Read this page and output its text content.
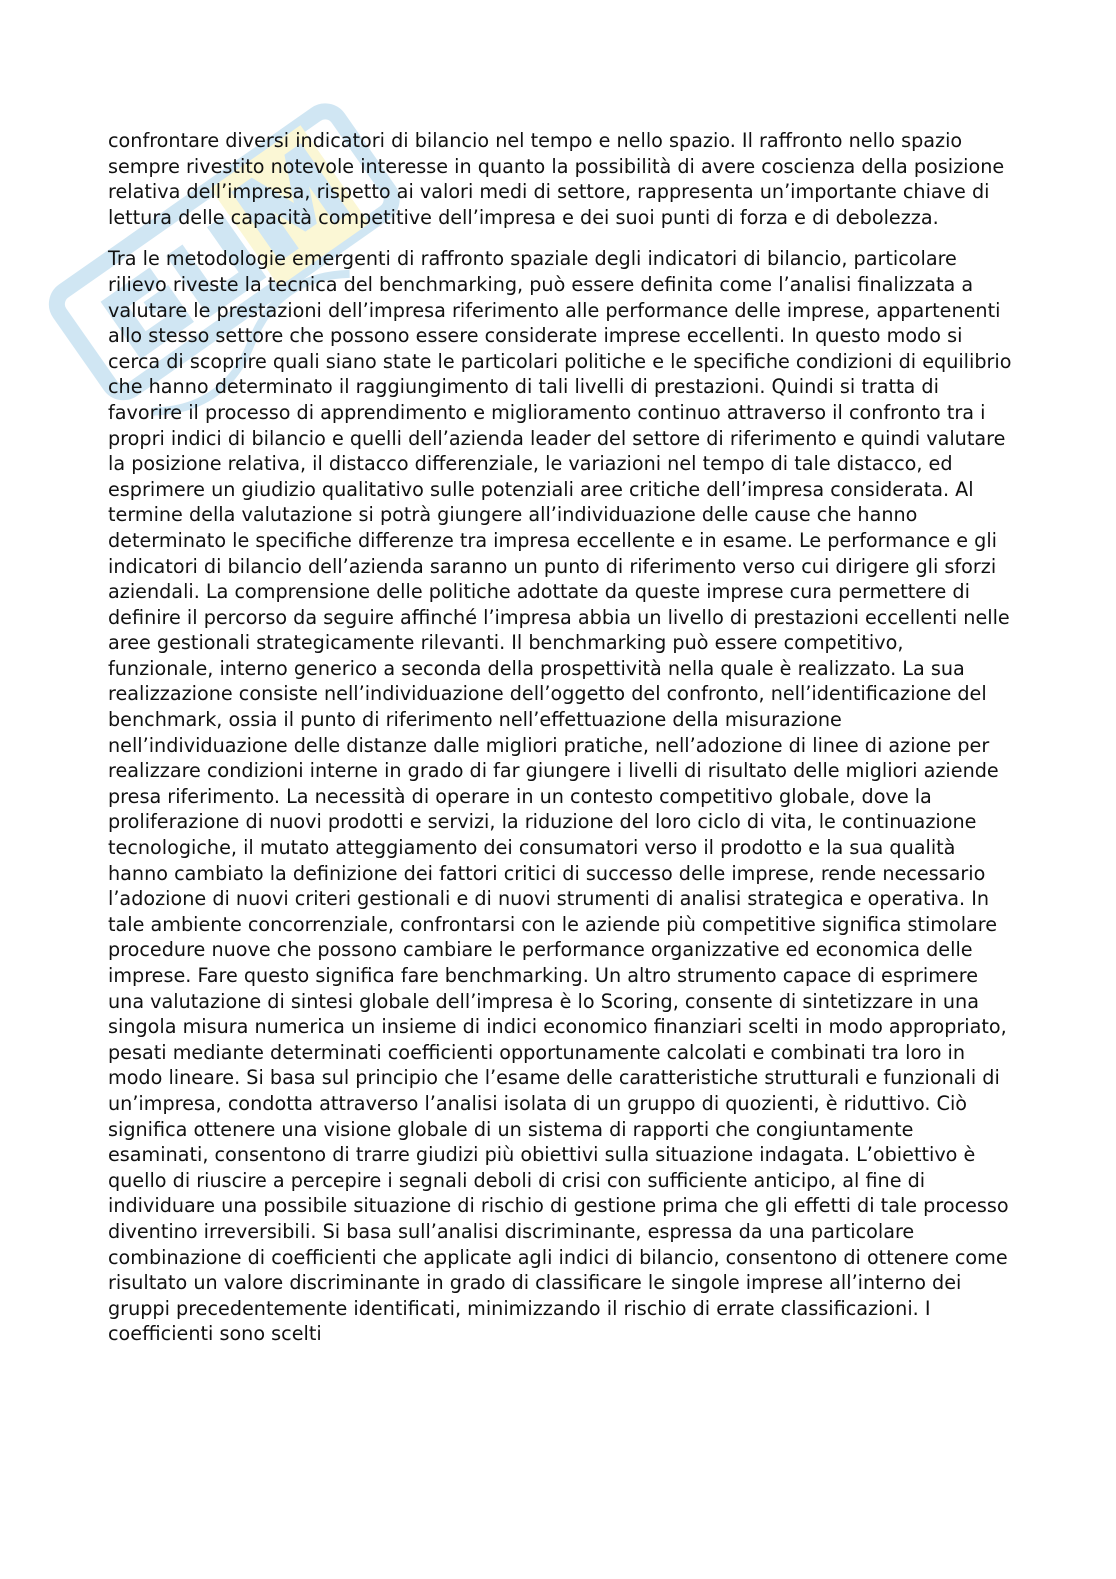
confrontare diversi indicatori di bilancio nel tempo e nello spazio. Il raffronto nello spazio sempre rivestito notevole interesse in quanto la possibilità di avere coscienza della posizione relativa dell’impresa, rispetto ai valori medi di settore, rappresenta un’importante chiave di lettura delle capacità competitive dell’impresa e dei suoi punti di forza e di debolezza.

Tra le metodologie emergenti di raffronto spaziale degli indicatori di bilancio, particolare rilievo riveste la tecnica del benchmarking, può essere definita come l’analisi finalizzata a valutare le prestazioni dell’impresa riferimento alle performance delle imprese, appartenenti allo stesso settore che possono essere considerate imprese eccellenti. In questo modo si cerca di scoprire quali siano state le particolari politiche e le specifiche condizioni di equilibrio che hanno determinato il raggiungimento di tali livelli di prestazioni. Quindi si tratta di favorire il processo di apprendimento e miglioramento continuo attraverso il confronto tra i propri indici di bilancio e quelli dell’azienda leader del settore di riferimento e quindi valutare la posizione relativa, il distacco differenziale, le variazioni nel tempo di tale distacco, ed esprimere un giudizio qualitativo sulle potenziali aree critiche dell’impresa considerata. Al termine della valutazione si potrà giungere all’individuazione delle cause che hanno determinato le specifiche differenze tra impresa eccellente e in esame. Le performance e gli indicatori di bilancio dell’azienda saranno un punto di riferimento verso cui dirigere gli sforzi aziendali. La comprensione delle politiche adottate da queste imprese cura permettere di definire il percorso da seguire affinché l’impresa abbia un livello di prestazioni eccellenti nelle aree gestionali strategicamente rilevanti. Il benchmarking può essere competitivo, funzionale, interno generico a seconda della prospettività nella quale è realizzato. La sua realizzazione consiste nell’individuazione dell’oggetto del confronto, nell’identificazione del benchmark, ossia il punto di riferimento nell’effettuazione della misurazione nell’individuazione delle distanze dalle migliori pratiche, nell’adozione di linee di azione per realizzare condizioni interne in grado di far giungere i livelli di risultato delle migliori aziende presa riferimento. La necessità di operare in un contesto competitivo globale, dove la proliferazione di nuovi prodotti e servizi, la riduzione del loro ciclo di vita, le continuazione tecnologiche, il mutato atteggiamento dei consumatori verso il prodotto e la sua qualità hanno cambiato la definizione dei fattori critici di successo delle imprese, rende necessario l’adozione di nuovi criteri gestionali e di nuovi strumenti di analisi strategica e operativa. In tale ambiente concorrenziale, confrontarsi con le aziende più competitive significa stimolare procedure nuove che possono cambiare le performance organizzative ed economica delle imprese. Fare questo significa fare benchmarking. Un altro strumento capace di esprimere una valutazione di sintesi globale dell’impresa è lo Scoring, consente di sintetizzare in una singola misura numerica un insieme di indici economico finanziari scelti in modo appropriato, pesati mediante determinati coefficienti opportunamente calcolati e combinati tra loro in modo lineare. Si basa sul principio che l’esame delle caratteristiche strutturali e funzionali di un’impresa, condotta attraverso l’analisi isolata di un gruppo di quozienti, è riduttivo. Ciò significa ottenere una visione globale di un sistema di rapporti che congiuntamente esaminati, consentono di trarre giudizi più obiettivi sulla situazione indagata. L’obiettivo è quello di riuscire a percepire i segnali deboli di crisi con sufficiente anticipo, al fine di individuare una possibile situazione di rischio di gestione prima che gli effetti di tale processo diventino irreversibili. Si basa sull’analisi discriminante, espressa da una particolare combinazione di coefficienti che applicate agli indici di bilancio, consentono di ottenere come risultato un valore discriminante in grado di classificare le singole imprese all’interno dei gruppi precedentemente identificati, minimizzando il rischio di errate classificazioni. I coefficienti sono scelti
